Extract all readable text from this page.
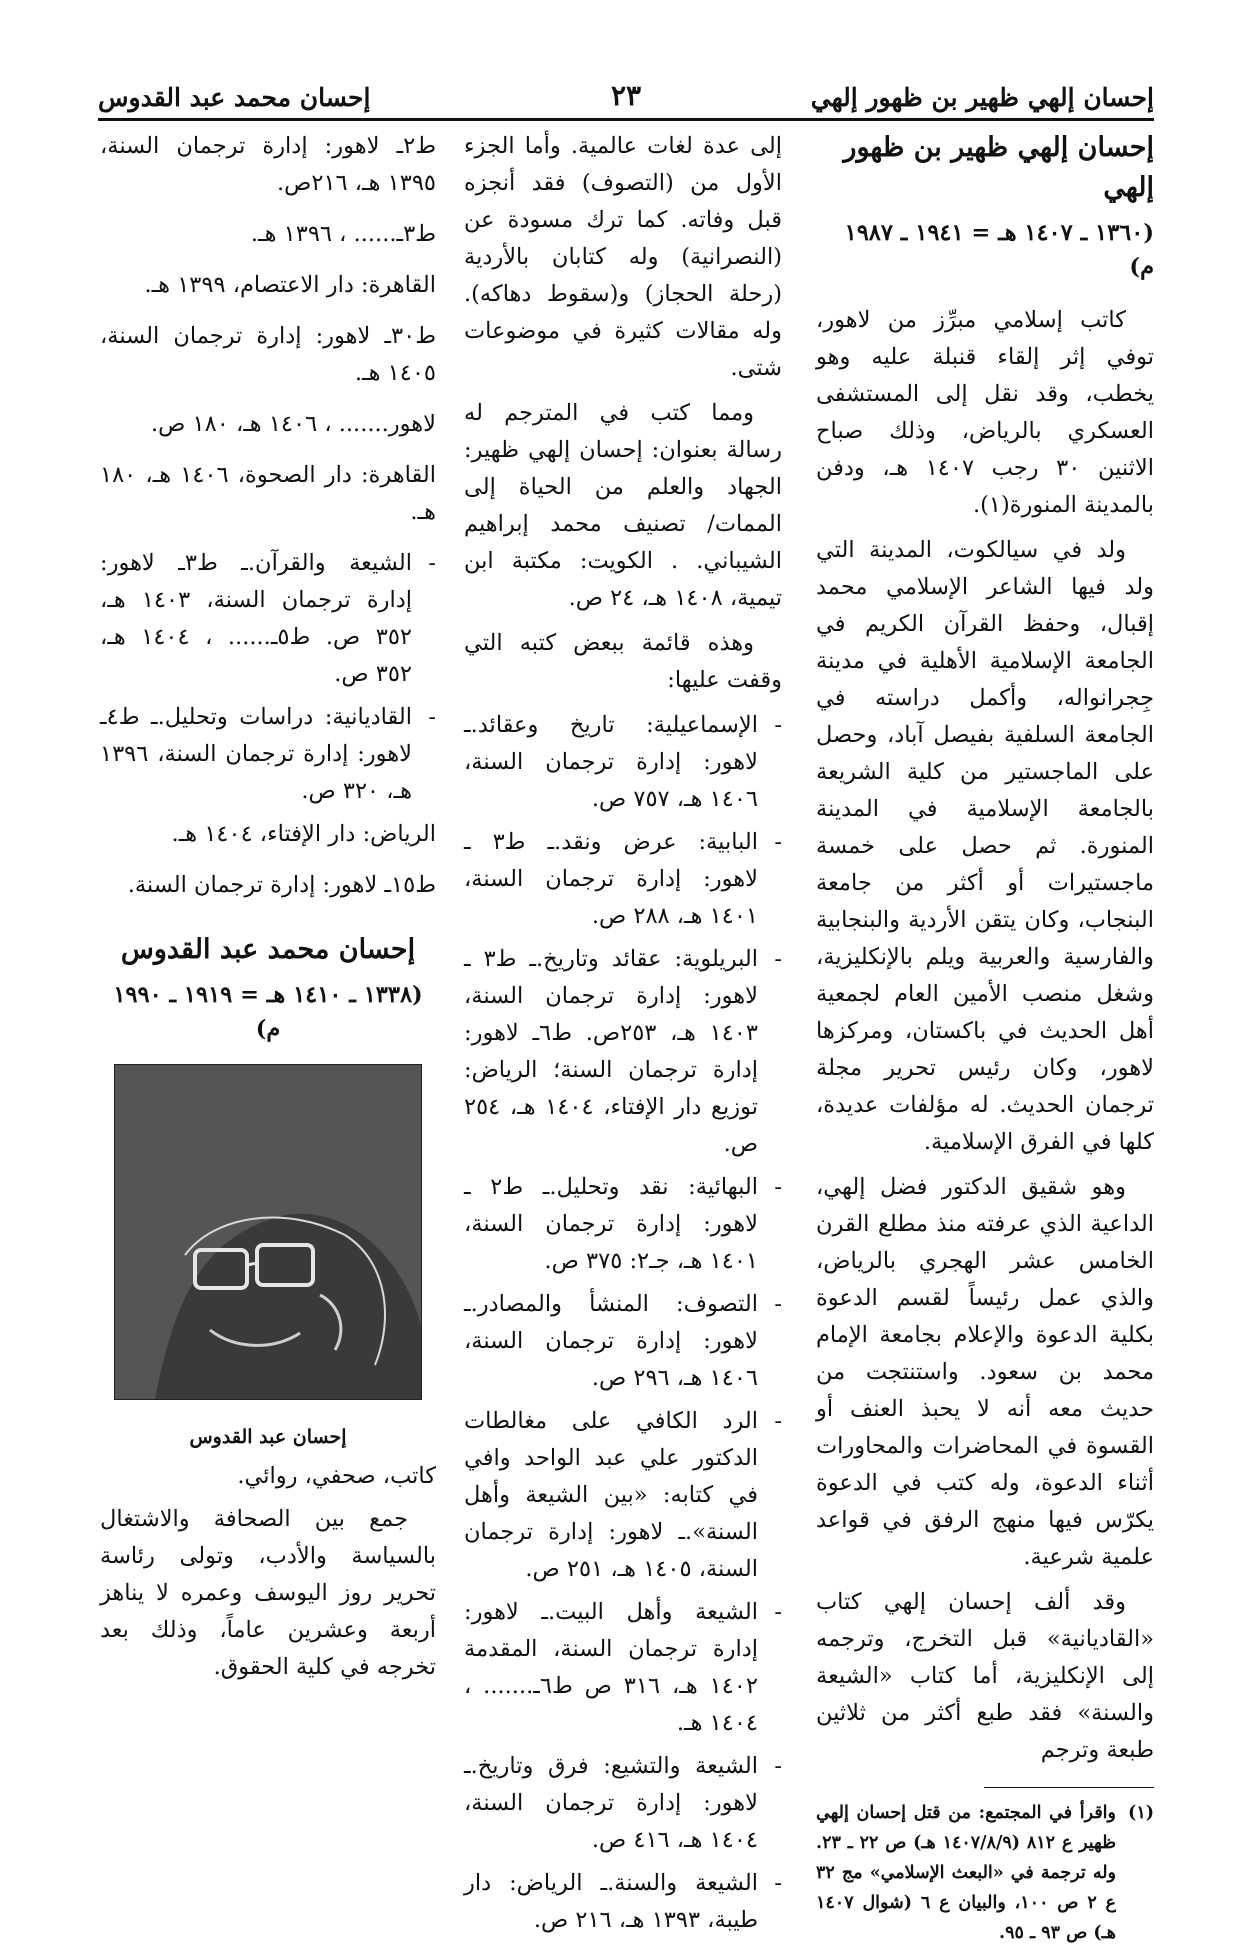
إحسان إلهي ظهير بن ظهور إلهي
٢٣
إحسان محمد عبد القدوس
إحسان إلهي ظهير بن ظهور إلهي
(١٣٦٠ ـ ١٤٠٧ هـ = ١٩٤١ ـ ١٩٨٧ م)

كاتب إسلامي مبرِّز من لاهور، توفي إثر إلقاء قنبلة عليه وهو يخطب، وقد نقل إلى المستشفى العسكري بالرياض، وذلك صباح الاثنين ٣٠ رجب ١٤٠٧ هـ، ودفن بالمدينة المنورة(١).

ولد في سيالكوت، المدينة التي ولد فيها الشاعر الإسلامي محمد إقبال، وحفظ القرآن الكريم في الجامعة الإسلامية الأهلية في مدينة جِجرانواله، وأكمل دراسته في الجامعة السلفية بفيصل آباد، وحصل على الماجستير من كلية الشريعة بالجامعة الإسلامية في المدينة المنورة. ثم حصل على خمسة ماجستيرات أو أكثر من جامعة البنجاب، وكان يتقن الأردية والبنجابية والفارسية والعربية ويلم بالإنكليزية، وشغل منصب الأمين العام لجمعية أهل الحديث في باكستان، ومركزها لاهور، وكان رئيس تحرير مجلة ترجمان الحديث. له مؤلفات عديدة، كلها في الفرق الإسلامية.

وهو شقيق الدكتور فضل إلهي، الداعية الذي عرفته منذ مطلع القرن الخامس عشر الهجري بالرياض، والذي عمل رئيساً لقسم الدعوة بكلية الدعوة والإعلام بجامعة الإمام محمد بن سعود. واستنتجت من حديث معه أنه لا يحبذ العنف أو القسوة في المحاضرات والمحاورات أثناء الدعوة، وله كتب في الدعوة يكرّس فيها منهج الرفق في قواعد علمية شرعية.

وقد ألف إحسان إلهي كتاب «القاديانية» قبل التخرج، وترجمه إلى الإنكليزية، أما كتاب «الشيعة والسنة» فقد طبع أكثر من ثلاثين طبعة وترجم

(١)
واقرأ في المجتمع: من قتل إحسان إلهي ظهير ع ٨١٢ (١٤٠٧/٨/٩ هـ) ص ٢٢ ـ ٢٣. وله ترجمة في «البعث الإسلامي» مج ٣٢ ع ٢ ص ١٠٠، والبيان ع ٦ (شوال ١٤٠٧ هـ) ص ٩٣ ـ ٩٥.

إلى عدة لغات عالمية. وأما الجزء الأول من (التصوف) فقد أنجزه قبل وفاته. كما ترك مسودة عن (النصرانية) وله كتابان بالأردية (رحلة الحجاز) و(سقوط دهاكه). وله مقالات كثيرة في موضوعات شتى.

ومما كتب في المترجم له رسالة بعنوان: إحسان إلهي ظهير: الجهاد والعلم من الحياة إلى الممات/ تصنيف محمد إبراهيم الشيباني. . الكويت: مكتبة ابن تيمية، ١٤٠٨ هـ، ٢٤ ص.

وهذه قائمة ببعض كتبه التي وقفت عليها:

-
الإسماعيلية: تاريخ وعقائد.ـ لاهور: إدارة ترجمان السنة، ١٤٠٦ هـ، ٧٥٧ ص.
-
البابية: عرض ونقد.ـ ط٣ ـ لاهور: إدارة ترجمان السنة، ١٤٠١ هـ، ٢٨٨ ص.
-
البريلوية: عقائد وتاريخ.ـ ط٣ ـ لاهور: إدارة ترجمان السنة، ١٤٠٣ هـ، ٢٥٣ص. ط٦ـ لاهور: إدارة ترجمان السنة؛ الرياض: توزيع دار الإفتاء، ١٤٠٤ هـ، ٢٥٤ ص.
-
البهائية: نقد وتحليل.ـ ط٢ ـ لاهور: إدارة ترجمان السنة، ١٤٠١ هـ، جـ٢: ٣٧٥ ص.
-
التصوف: المنشأ والمصادر.ـ لاهور: إدارة ترجمان السنة، ١٤٠٦ هـ، ٢٩٦ ص.
-
الرد الكافي على مغالطات الدكتور علي عبد الواحد وافي في كتابه: «بين الشيعة وأهل السنة».ـ لاهور: إدارة ترجمان السنة، ١٤٠٥ هـ، ٢٥١ ص.
-
الشيعة وأهل البيت.ـ لاهور: إدارة ترجمان السنة، المقدمة ١٤٠٢ هـ، ٣١٦ ص ط٦ـ....... ، ١٤٠٤ هـ.
-
الشيعة والتشيع: فرق وتاريخ.ـ لاهور: إدارة ترجمان السنة، ١٤٠٤ هـ، ٤١٦ ص.
-
الشيعة والسنة.ـ الرياض: دار طيبة، ١٣٩٣ هـ، ٢١٦ ص.

ط٢ـ لاهور: إدارة ترجمان السنة، ١٣٩٥ هـ، ٢١٦ص.

ط٣ـ...... ، ١٣٩٦ هـ.

القاهرة: دار الاعتصام، ١٣٩٩ هـ.

ط٣٠ـ لاهور: إدارة ترجمان السنة، ١٤٠٥ هـ.

لاهور....... ، ١٤٠٦ هـ، ١٨٠ ص.

القاهرة: دار الصحوة، ١٤٠٦ هـ، ١٨٠ هـ.

-
الشيعة والقرآن.ـ ط٣ـ لاهور: إدارة ترجمان السنة، ١٤٠٣ هـ، ٣٥٢ ص. ط٥ـ...... ، ١٤٠٤ هـ، ٣٥٢ ص.
-
القاديانية: دراسات وتحليل.ـ ط٤ـ لاهور: إدارة ترجمان السنة، ١٣٩٦ هـ، ٣٢٠ ص.

الرياض: دار الإفتاء، ١٤٠٤ هـ.

ط١٥ـ لاهور: إدارة ترجمان السنة.

إحسان محمد عبد القدوس
(١٣٣٨ ـ ١٤١٠ هـ = ١٩١٩ ـ ١٩٩٠ م)
إحسان عبد القدوس

كاتب، صحفي، روائي.

جمع بين الصحافة والاشتغال بالسياسة والأدب، وتولى رئاسة تحرير روز اليوسف وعمره لا يناهز أربعة وعشرين عاماً، وذلك بعد تخرجه في كلية الحقوق.
